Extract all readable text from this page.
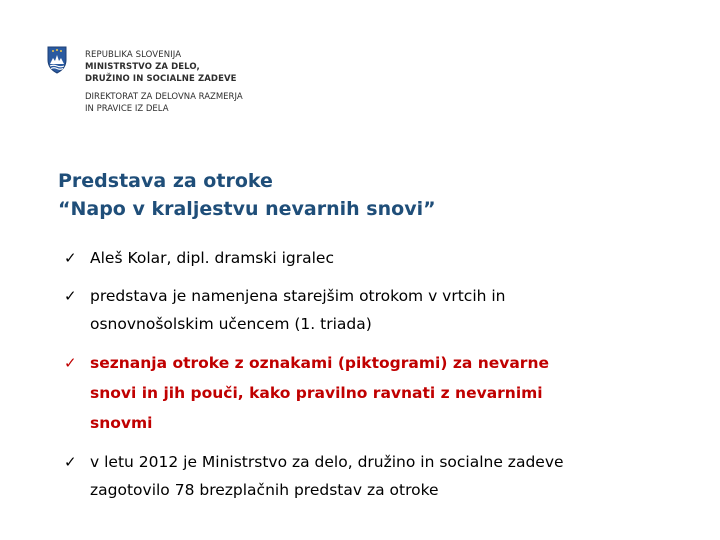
REPUBLIKA SLOVENIJA
MINISTRSTVO ZA DELO,
DRUŽINO IN SOCIALNE ZADEVE
DIREKTORAT ZA DELOVNA RAZMERJA
IN PRAVICE IZ DELA
Predstava za otroke
“Napo v kraljestvu nevarnih snovi”
✓ Aleš Kolar, dipl. dramski igralec
✓ predstava je namenjena starejšim otrokom v vrtcih in
osnovnošolskim učencem (1. triada)
✓ seznanja otroke z oznakami (piktogrami) za nevarne
snovi in jih pouči, kako pravilno ravnati z nevarnimi
snovmi
✓ v letu 2012 je Ministrstvo za delo, družino in socialne zadeve
zagotovilo 78 brezplačnih predstav za otroke
